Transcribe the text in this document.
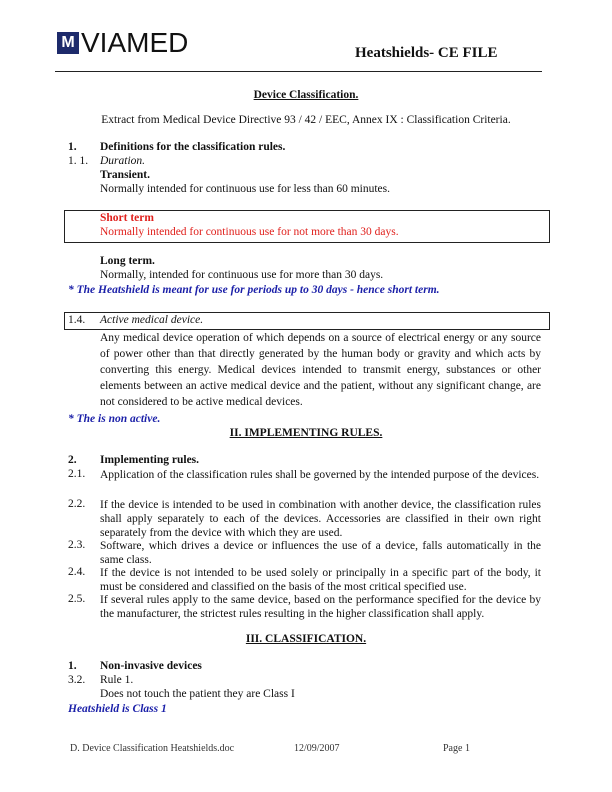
M VIAMED	Heatshields- CE FILE
Device Classification.
Extract from Medical Device Directive 93 / 42 / EEC, Annex IX : Classification Criteria.
1. Definitions for the classification rules.
1. 1. Duration.
Transient.
Normally intended for continuous use for less than 60 minutes.
Short term
Normally intended for continuous use for not more than 30 days.
Long term.
Normally, intended for continuous use for more than 30 days.
* The Heatshield is meant for use for periods up to 30 days - hence short term.
1.4. Active medical device.
Any medical device operation of which depends on a source of electrical energy or any source of power other than that directly generated by the human body or gravity and which acts by converting this energy. Medical devices intended to transmit energy, substances or other elements between an active medical device and the patient, without any significant change, are not considered to be active medical devices.
* The is non active.
II. IMPLEMENTING RULES.
2. Implementing rules.
2.1. Application of the classification rules shall be governed by the intended purpose of the devices.
2.2. If the device is intended to be used in combination with another device, the classification rules shall apply separately to each of the devices. Accessories are classified in their own right separately from the device with which they are used.
2.3. Software, which drives a device or influences the use of a device, falls automatically in the same class.
2.4. If the device is not intended to be used solely or principally in a specific part of the body, it must be considered and classified on the basis of the most critical specified use.
2.5. If several rules apply to the same device, based on the performance specified for the device by the manufacturer, the strictest rules resulting in the higher classification shall apply.
III. CLASSIFICATION.
1. Non-invasive devices
3.2. Rule 1.
Does not touch the patient they are Class I
Heatshield is Class 1
D. Device Classification Heatshields.doc	12/09/2007	Page 1
